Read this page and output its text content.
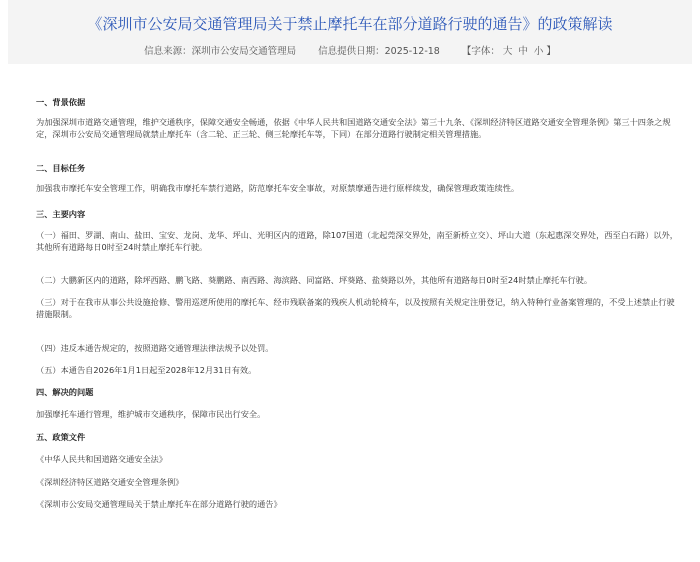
《深圳市公安局交通管理局关于禁止摩托车在部分道路行驶的通告》的政策解读
信息来源：深圳市公安局交通管理局 信息提供日期：2025-12-18 【字体： 大 中 小 】

一、背景依据

为加强深圳市道路交通管理，维护交通秩序，保障交通安全畅通，依据《中华人民共和国道路交通安全法》第三十九条、《深圳经济特区道路交通安全管理条例》第三十四条之规定，深圳市公安局交通管理局就禁止摩托车（含二轮、正三轮、侧三轮摩托车等，下同）在部分道路行驶制定相关管理措施。

二、目标任务

加强我市摩托车安全管理工作，明确我市摩托车禁行道路，防范摩托车安全事故，对原禁摩通告进行原样续发，确保管理政策连续性。

三、主要内容

（一）福田、罗湖、南山、盐田、宝安、龙岗、龙华、坪山、光明区内的道路，除107国道（北起莞深交界处，南至新桥立交）、坪山大道（东起惠深交界处，西至白石路）以外，其他所有道路每日0时至24时禁止摩托车行驶。

（二）大鹏新区内的道路，除坪西路、鹏飞路、葵鹏路、南西路、海滨路、同富路、坪葵路、盐葵路以外，其他所有道路每日0时至24时禁止摩托车行驶。

（三）对于在我市从事公共设施抢修、警用巡逻所使用的摩托车、经市残联备案的残疾人机动轮椅车，以及按照有关规定注册登记，纳入特种行业备案管理的，不受上述禁止行驶措施限制。

（四）违反本通告规定的，按照道路交通管理法律法规予以处罚。

（五）本通告自2026年1月1日起至2028年12月31日有效。

四、解决的问题

加强摩托车通行管理，维护城市交通秩序，保障市民出行安全。

五、政策文件

《中华人民共和国道路交通安全法》

《深圳经济特区道路交通安全管理条例》

《深圳市公安局交通管理局关于禁止摩托车在部分道路行驶的通告》
